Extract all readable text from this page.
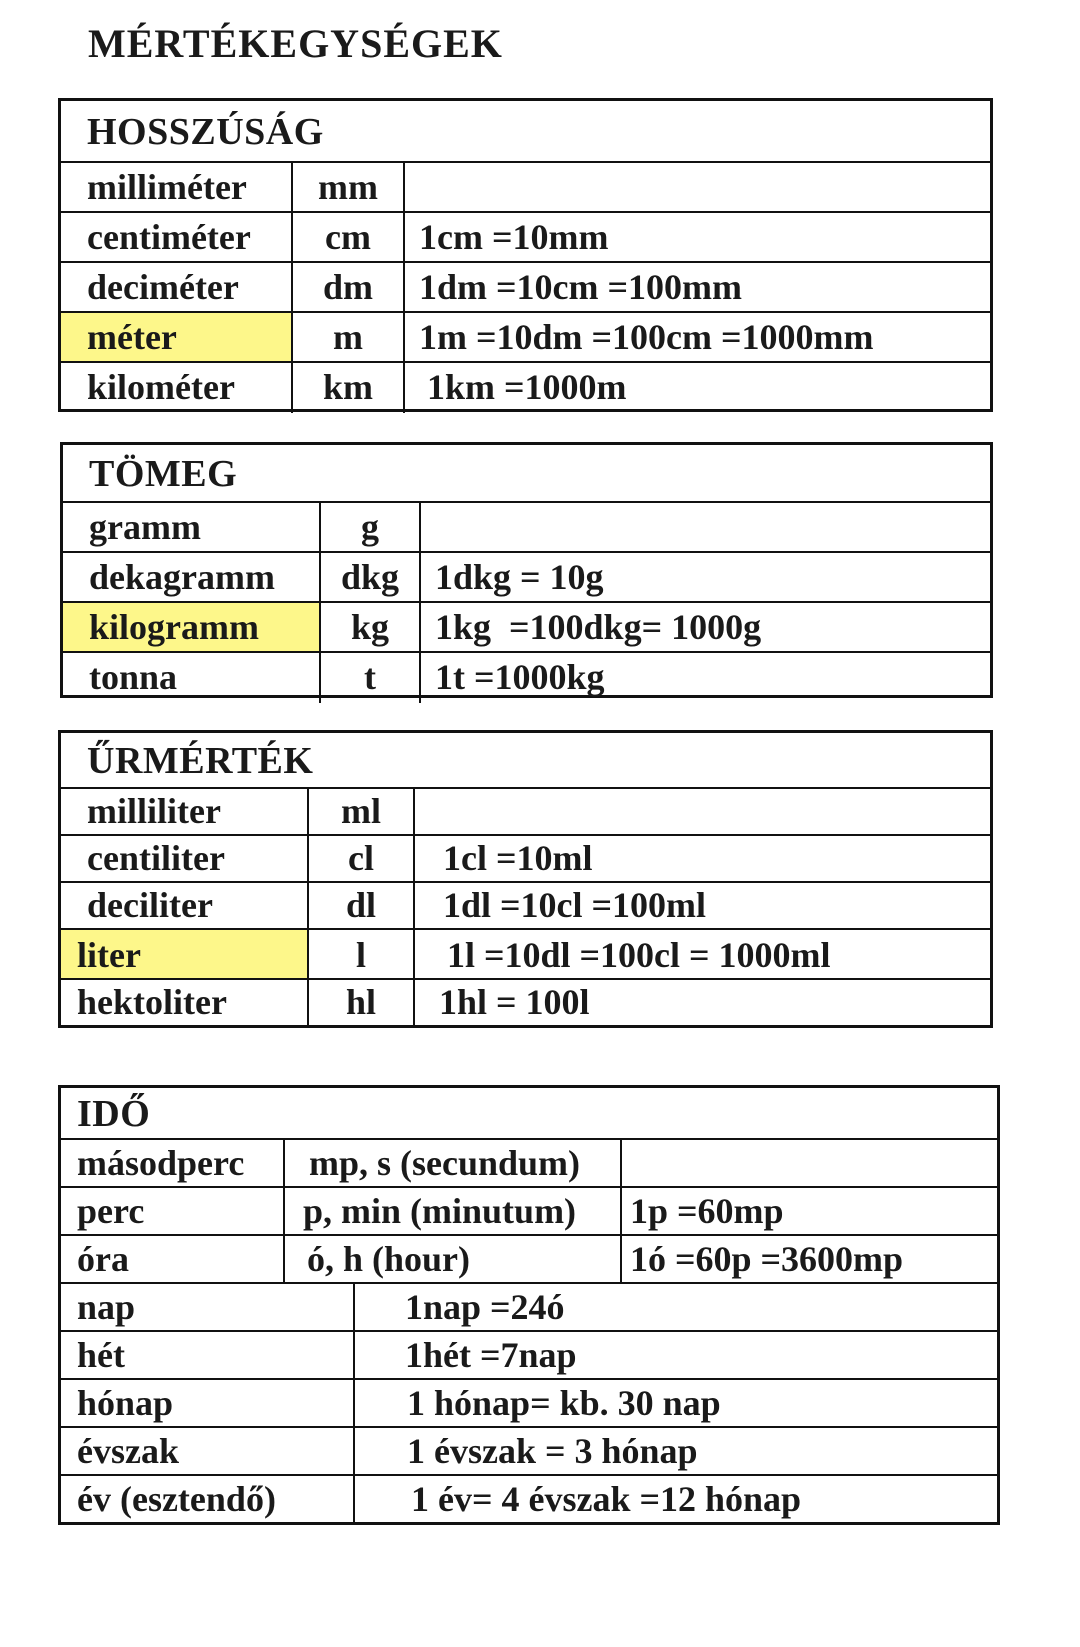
MÉRTÉKEGYSÉGEK
HOSSZÚSÁG
milliméter	mm
centiméter	cm	1cm =10mm
deciméter	dm	1dm =10cm =100mm
méter	m	1m =10dm =100cm =1000mm
kilométer	km	1km =1000m
TÖMEG
gramm	g
dekagramm	dkg 1dkg = 10g
kilogramm	kg	1kg  =100dkg= 1000g
tonna	t	1t =1000kg
ŰRMÉRTÉK
milliliter	ml
centiliter	cl	1cl =10ml
deciliter	dl	1dl =10cl =100ml
liter	l	1l =10dl =100cl = 1000ml
hektoliter	hl	1hl = 100l
IDŐ
másodperc	mp, s (secundum)
perc	p, min (minutum)	1p =60mp
óra	ó, h (hour)	1ó =60p =3600mp
nap	1nap =24ó
hét	1hét =7nap
hónap	1 hónap= kb. 30 nap
évszak	1 évszak = 3 hónap
év (esztendő)	1 év= 4 évszak =12 hónap
